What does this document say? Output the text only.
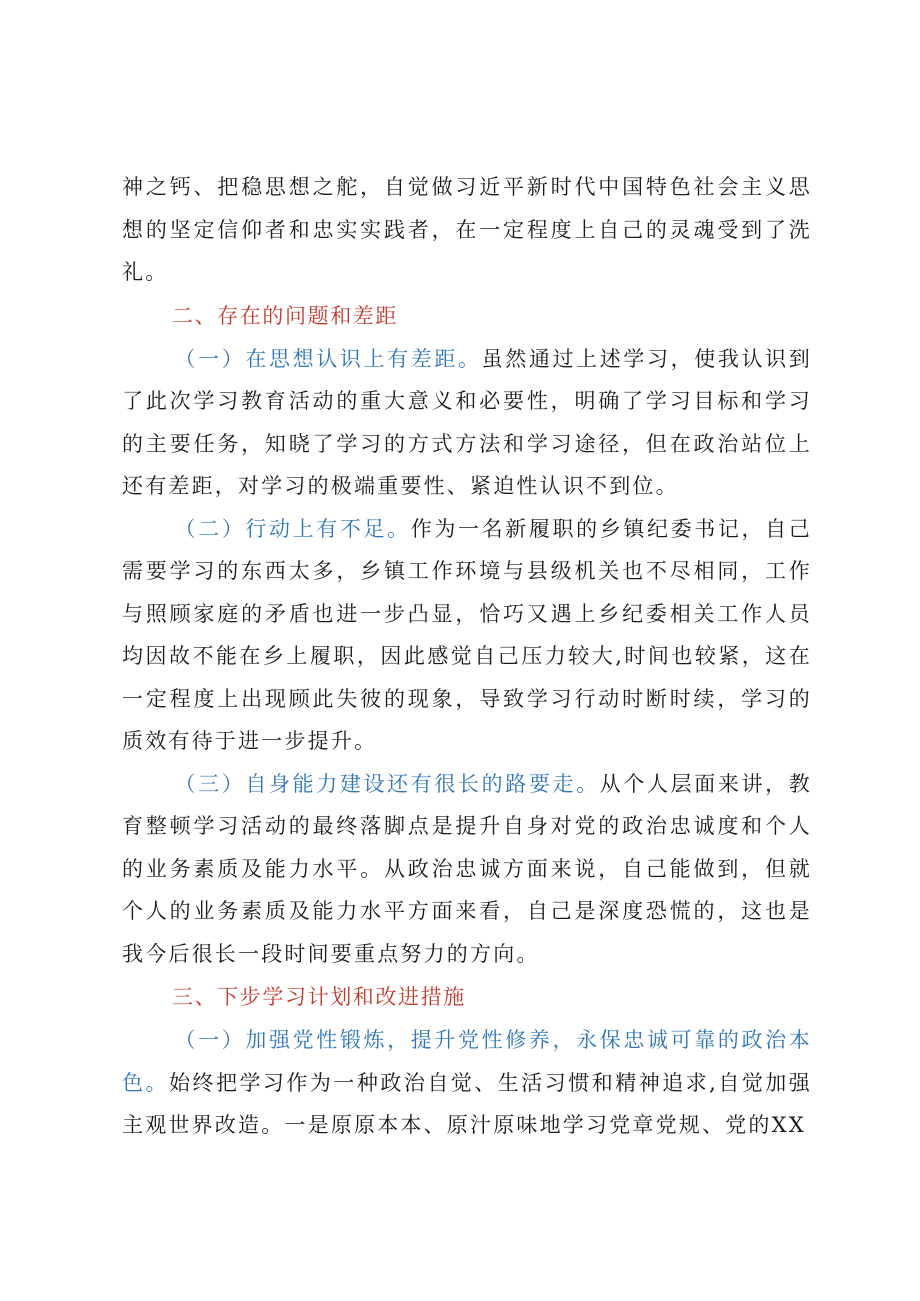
神之钙、把稳思想之舵，自觉做习近平新时代中国特色社会主义思想的坚定信仰者和忠实实践者，在一定程度上自己的灵魂受到了洗礼。

二、存在的问题和差距

（一）在思想认识上有差距。虽然通过上述学习，使我认识到了此次学习教育活动的重大意义和必要性，明确了学习目标和学习的主要任务，知晓了学习的方式方法和学习途径，但在政治站位上还有差距，对学习的极端重要性、紧迫性认识不到位。

（二）行动上有不足。作为一名新履职的乡镇纪委书记，自己需要学习的东西太多，乡镇工作环境与县级机关也不尽相同，工作与照顾家庭的矛盾也进一步凸显，恰巧又遇上乡纪委相关工作人员均因故不能在乡上履职，因此感觉自己压力较大,时间也较紧，这在一定程度上出现顾此失彼的现象，导致学习行动时断时续，学习的质效有待于进一步提升。

（三）自身能力建设还有很长的路要走。从个人层面来讲，教育整顿学习活动的最终落脚点是提升自身对党的政治忠诚度和个人的业务素质及能力水平。从政治忠诚方面来说，自己能做到，但就个人的业务素质及能力水平方面来看，自己是深度恐慌的，这也是我今后很长一段时间要重点努力的方向。

三、下步学习计划和改进措施

（一）加强党性锻炼，提升党性修养，永保忠诚可靠的政治本色。始终把学习作为一种政治自觉、生活习惯和精神追求,自觉加强主观世界改造。一是原原本本、原汁原味地学习党章党规、党的XX
